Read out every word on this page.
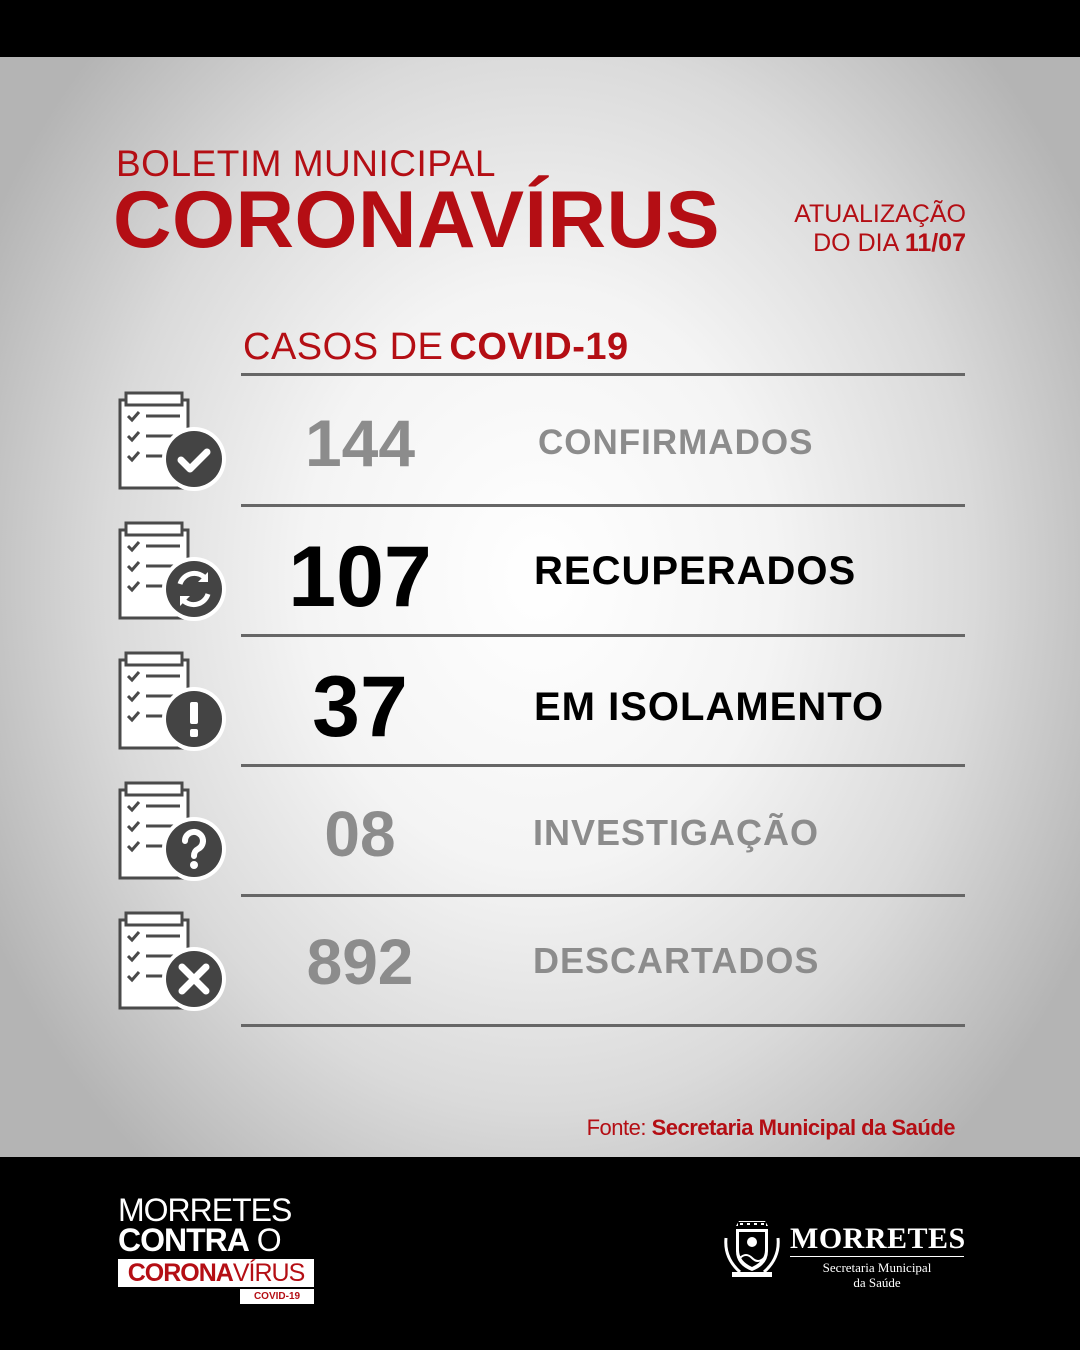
BOLETIM MUNICIPAL
CORONAVÍRUS	ATUALIZAÇÃO
DO DIA 11/07
CASOS DE COVID-19
144	CONFIRMADOS
107	RECUPERADOS
37	EM ISOLAMENTO
08	INVESTIGAÇÃO
892	DESCARTADOS
Fonte: Secretaria Municipal da Saúde
MORRETES
CONTRA O
CORONAVÍRUS
COVID-19
MORRETES
Secretaria Municipal
da Saúde
